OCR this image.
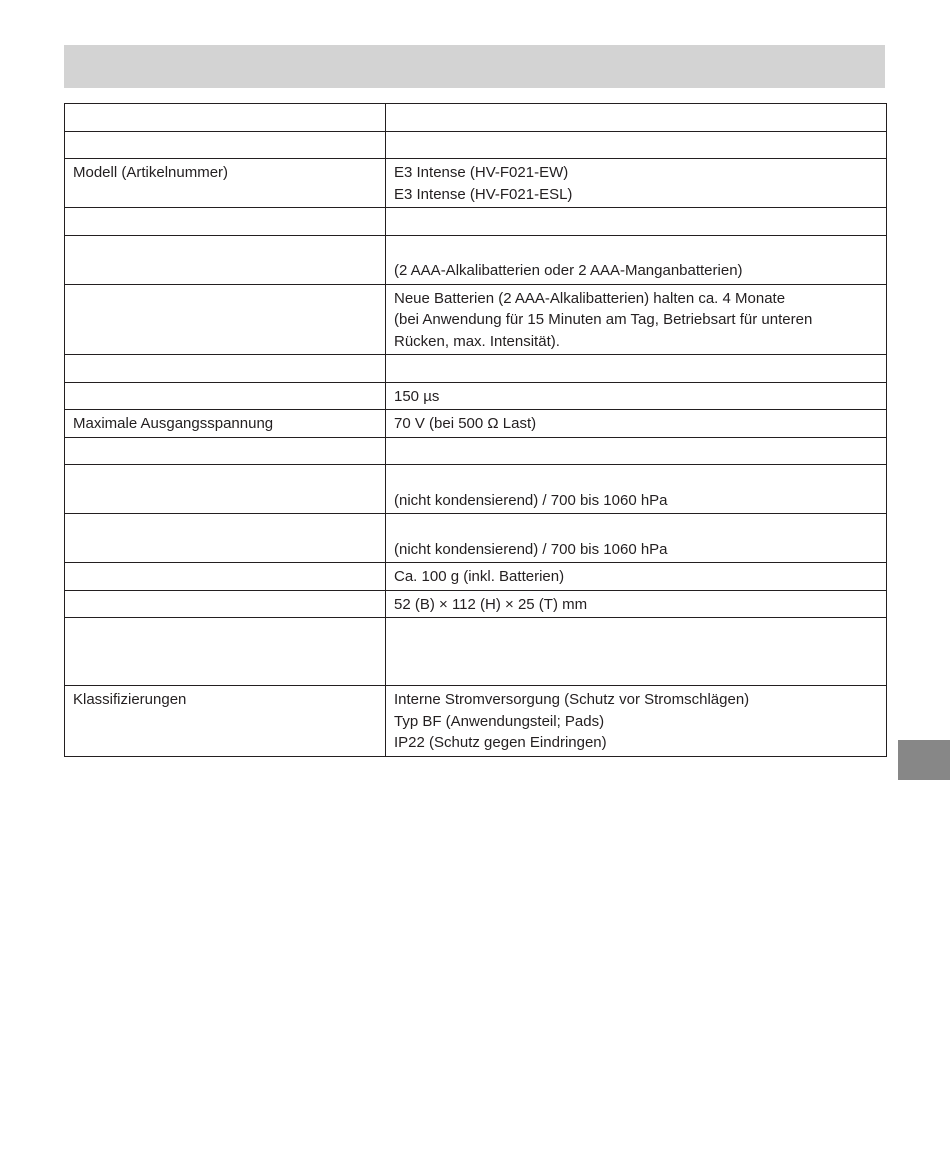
Modell (Artikelnummer)	E3 Intense (HV-F021-EW)
E3 Intense (HV-F021-ESL)

	(2 AAA-Alkalibatterien oder 2 AAA-Manganbatterien)

	Neue Batterien (2 AAA-Alkalibatterien) halten ca. 4 Monate
(bei Anwendung für 15 Minuten am Tag, Betriebsart für unteren
Rücken, max. Intensität).

	150 µs

Maximale Ausgangsspannung	70 V (bei 500 Ω Last)

	(nicht kondensierend) / 700 bis 1060 hPa

	(nicht kondensierend) / 700 bis 1060 hPa

	Ca. 100 g (inkl. Batterien)

	52 (B) × 112 (H) × 25 (T) mm

Klassifizierungen	Interne Stromversorgung (Schutz vor Stromschlägen)
Typ BF (Anwendungsteil; Pads)
IP22 (Schutz gegen Eindringen)
